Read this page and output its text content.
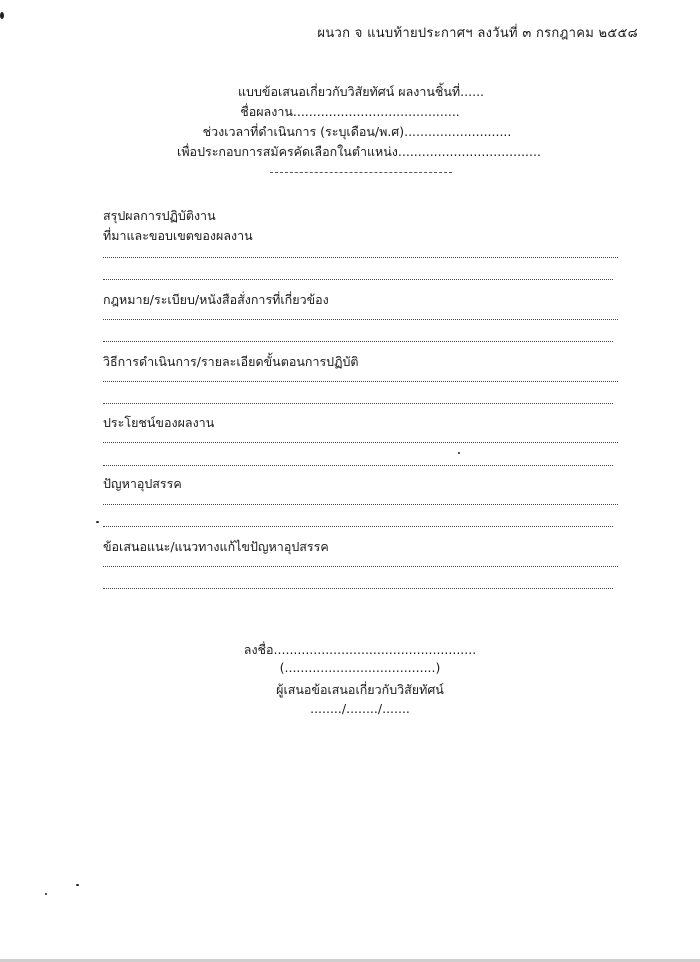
ผนวก จ แนบท้ายประกาศฯ ลงวันที่ ๓ กรกฎาคม ๒๕๕๘
แบบข้อเสนอเกี่ยวกับวิสัยทัศน์ ผลงานชิ้นที่......
ชื่อผลงาน..........................................
ช่วงเวลาที่ดำเนินการ (ระบุเดือน/พ.ศ)...........................
เพื่อประกอบการสมัครคัดเลือกในตำแหน่ง....................................
สรุปผลการปฏิบัติงาน
ที่มาและขอบเขตของผลงาน
กฎหมาย/ระเบียบ/หนังสือสั่งการที่เกี่ยวข้อง
วิธีการดำเนินการ/รายละเอียดขั้นตอนการปฏิบัติ
ประโยชน์ของผลงาน
ปัญหาอุปสรรค
ข้อเสนอแนะ/แนวทางแก้ไขปัญหาอุปสรรค
ลงชื่อ...................................................
(......................................)
ผู้เสนอข้อเสนอเกี่ยวกับวิสัยทัศน์
......../......../.......
